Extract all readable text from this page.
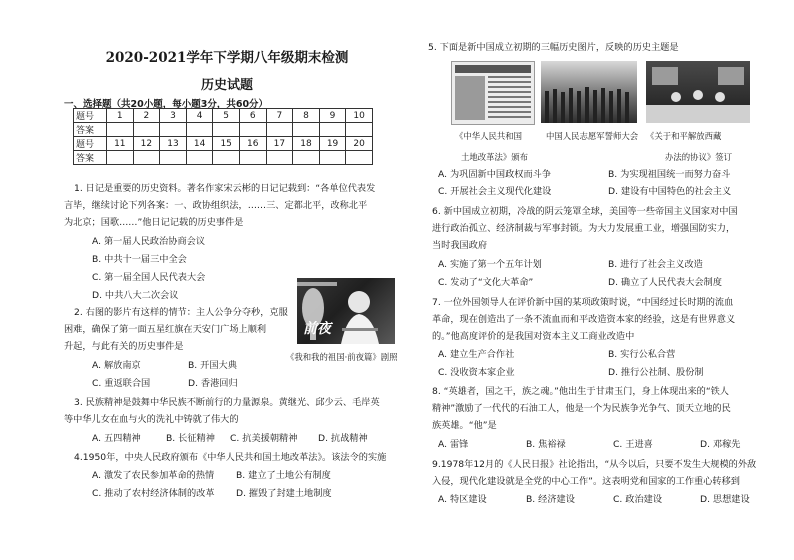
2020-2021学年下学期八年级期末检测
历史试题
一、选择题（共20小题，每小题3分，共60分）
题号	1	2	3	4	5	6	7	8	9	10
答案										
题号	11	12	13	14	15	16	17	18	19	20
答案										
1. 日记是重要的历史资料。著名作家宋云彬的日记记载到：“各单位代表发
言毕，继续讨论下列各案：一、政协组织法，……三、定都北平，改称北平
为北京；国歌……”他日记记载的历史事件是
A. 第一届人民政治协商会议
B. 中共十一届三中全会
C. 第一届全国人民代表大会
D. 中共八大二次会议
前夜
《我和我的祖国·前夜篇》剧照
2. 右图的影片有这样的情节：主人公争分夺秒，克服
困难，确保了第一面五星红旗在天安门广场上顺利
升起，与此有关的历史事件是
A. 解放南京	B. 开国大典
C. 重返联合国	D. 香港回归
3. 民族精神是鼓舞中华民族不断前行的力量源泉。黄继光、邱少云、毛岸英
等中华儿女在血与火的洗礼中铸就了伟大的
A. 五四精神	B. 长征精神 C. 抗美援朝精神 D. 抗战精神
4.1950年，中央人民政府颁布《中华人民共和国土地改革法》。该法令的实施
A. 激发了农民参加革命的热情 B. 建立了土地公有制度
C. 推动了农村经济体制的改革 D. 摧毁了封建土地制度
5. 下面是新中国成立初期的三幅历史图片，反映的历史主题是
《中华人民共和国	中国人民志愿军誓师大会 《关于和平解放西藏
土地改革法》颁布	办法的协议》签订
A. 为巩固新中国政权而斗争	B. 为实现祖国统一而努力奋斗
C. 开展社会主义现代化建设	D. 建设有中国特色的社会主义
6. 新中国成立初期，冷战的阴云笼罩全球，美国等一些帝国主义国家对中国
进行政治孤立、经济制裁与军事封锁。为大力发展重工业，增强国防实力，
当时我国政府
A. 实施了第一个五年计划	B. 进行了社会主义改造
C. 发动了“文化大革命”	D. 确立了人民代表大会制度
7. 一位外国领导人在评价新中国的某项政策时说，“中国经过长时期的流血
革命，现在创造出了一条不流血而和平改造资本家的经验，这是有世界意义
的。”他高度评价的是我国对资本主义工商业改造中
A. 建立生产合作社	B. 实行公私合营
C. 没收资本家企业	D. 推行公社制、股份制
8. “英雄者，国之干，族之魂。”他出生于甘肃玉门，身上体现出来的“铁人
精神”激励了一代代的石油工人，他是一个为民族争光争气、顶天立地的民
族英雄。“他”是
A. 雷锋	B. 焦裕禄	C. 王进喜	D. 邓稼先
9.1978年12月的《人民日报》社论指出，“从今以后，只要不发生大规模的外敌
入侵，现代化建设就是全党的中心工作”。这表明党和国家的工作重心转移到
A. 特区建设	B. 经济建设	C. 政治建设	D. 思想建设
